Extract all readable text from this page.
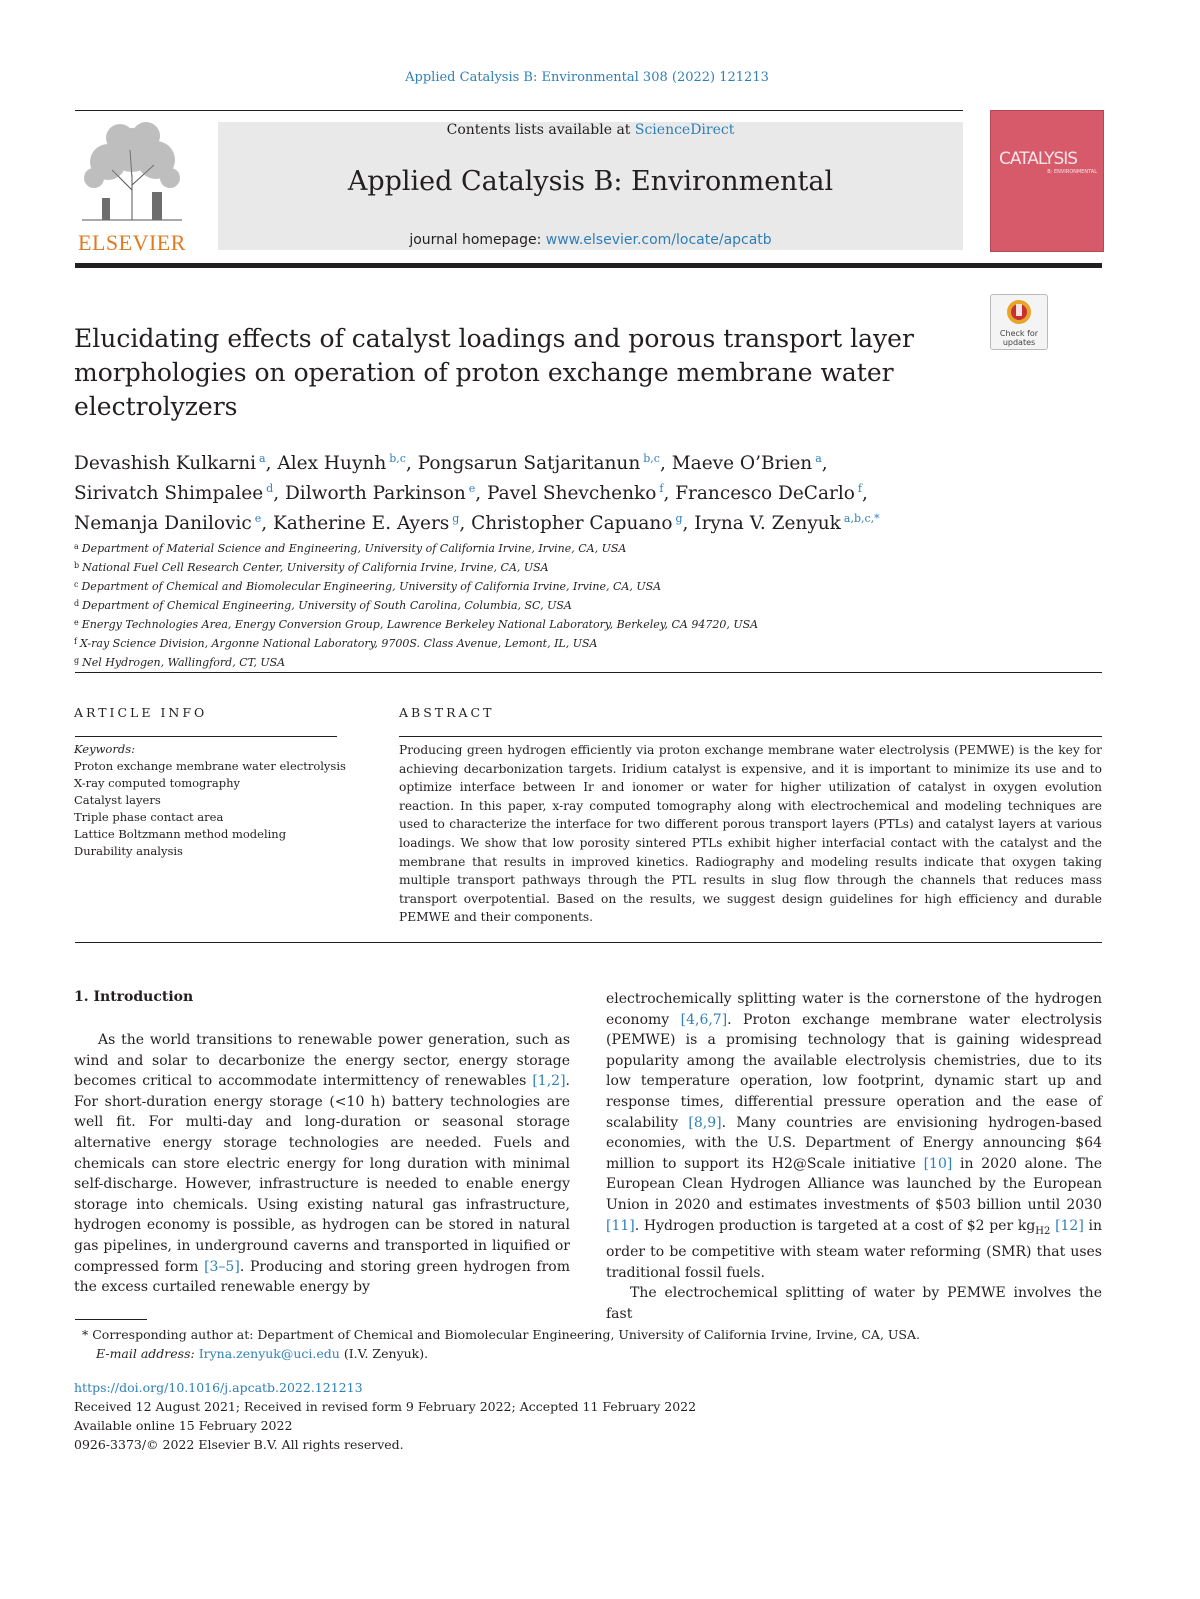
Applied Catalysis B: Environmental 308 (2022) 121213
ELSEVIER
Contents lists available at ScienceDirect
Applied Catalysis B: Environmental
journal homepage: www.elsevier.com/locate/apcatb
CATALYSIS
B: ENVIRONMENTAL
Check for
updates
Elucidating effects of catalyst loadings and porous transport layer morphologies on operation of proton exchange membrane water electrolyzers
Devashish Kulkarni $^a$, Alex Huynh $^{b,c}$, Pongsarun Satjaritanun $^{b,c}$, Maeve O’Brien $^a$,
Sirivatch Shimpalee $^d$, Dilworth Parkinson $^e$, Pavel Shevchenko $^f$, Francesco DeCarlo $^f$,
Nemanja Danilovic $^e$, Katherine E. Ayers $^g$, Christopher Capuano $^g$, Iryna V. Zenyuk $^{a,b,c,*}$
$^a$ Department of Material Science and Engineering, University of California Irvine, Irvine, CA, USA
$^b$ National Fuel Cell Research Center, University of California Irvine, Irvine, CA, USA
$^c$ Department of Chemical and Biomolecular Engineering, University of California Irvine, Irvine, CA, USA
$^d$ Department of Chemical Engineering, University of South Carolina, Columbia, SC, USA
$^e$ Energy Technologies Area, Energy Conversion Group, Lawrence Berkeley National Laboratory, Berkeley, CA 94720, USA
$^f$ X-ray Science Division, Argonne National Laboratory, 9700S. Class Avenue, Lemont, IL, USA
$^g$ Nel Hydrogen, Wallingford, CT, USA
ARTICLE INFO
Keywords:
Proton exchange membrane water electrolysis
X-ray computed tomography
Catalyst layers
Triple phase contact area
Lattice Boltzmann method modeling
Durability analysis
ABSTRACT
Producing green hydrogen efficiently via proton exchange membrane water electrolysis (PEMWE) is the key for achieving decarbonization targets. Iridium catalyst is expensive, and it is important to minimize its use and to optimize interface between Ir and ionomer or water for higher utilization of catalyst in oxygen evolution reaction. In this paper, x-ray computed tomography along with electrochemical and modeling techniques are used to characterize the interface for two different porous transport layers (PTLs) and catalyst layers at various loadings. We show that low porosity sintered PTLs exhibit higher interfacial contact with the catalyst and the membrane that results in improved kinetics. Radiography and modeling results indicate that oxygen taking multiple transport pathways through the PTL results in slug flow through the channels that reduces mass transport overpotential. Based on the results, we suggest design guidelines for high efficiency and durable PEMWE and their components.
1. Introduction

As the world transitions to renewable power generation, such as wind and solar to decarbonize the energy sector, energy storage becomes critical to accommodate intermittency of renewables [1,2]. For short-duration energy storage (<10 h) battery technologies are well fit. For multi-day and long-duration or seasonal storage alternative energy storage technologies are needed. Fuels and chemicals can store electric energy for long duration with minimal self-discharge. However, infrastructure is needed to enable energy storage into chemicals. Using existing natural gas infrastructure, hydrogen economy is possible, as hydrogen can be stored in natural gas pipelines, in underground caverns and transported in liquified or compressed form [3–5]. Producing and storing green hydrogen from the excess curtailed renewable energy by

electrochemically splitting water is the cornerstone of the hydrogen economy [4,6,7]. Proton exchange membrane water electrolysis (PEMWE) is a promising technology that is gaining widespread popularity among the available electrolysis chemistries, due to its low temperature operation, low footprint, dynamic start up and response times, differential pressure operation and the ease of scalability [8,9]. Many countries are envisioning hydrogen-based economies, with the U.S. Department of Energy announcing $64 million to support its H2@Scale initiative [10] in 2020 alone. The European Clean Hydrogen Alliance was launched by the European Union in 2020 and estimates investments of $503 billion until 2030 [11]. Hydrogen production is targeted at a cost of $2 per $kg_{H2}$ [12] in order to be competitive with steam water reforming (SMR) that uses traditional fossil fuels.

The electrochemical splitting of water by PEMWE involves the fast

* Corresponding author at: Department of Chemical and Biomolecular Engineering, University of California Irvine, Irvine, CA, USA.
E-mail address: Iryna.zenyuk@uci.edu (I.V. Zenyuk).
https://doi.org/10.1016/j.apcatb.2022.121213
Received 12 August 2021; Received in revised form 9 February 2022; Accepted 11 February 2022
Available online 15 February 2022
0926-3373/© 2022 Elsevier B.V. All rights reserved.
